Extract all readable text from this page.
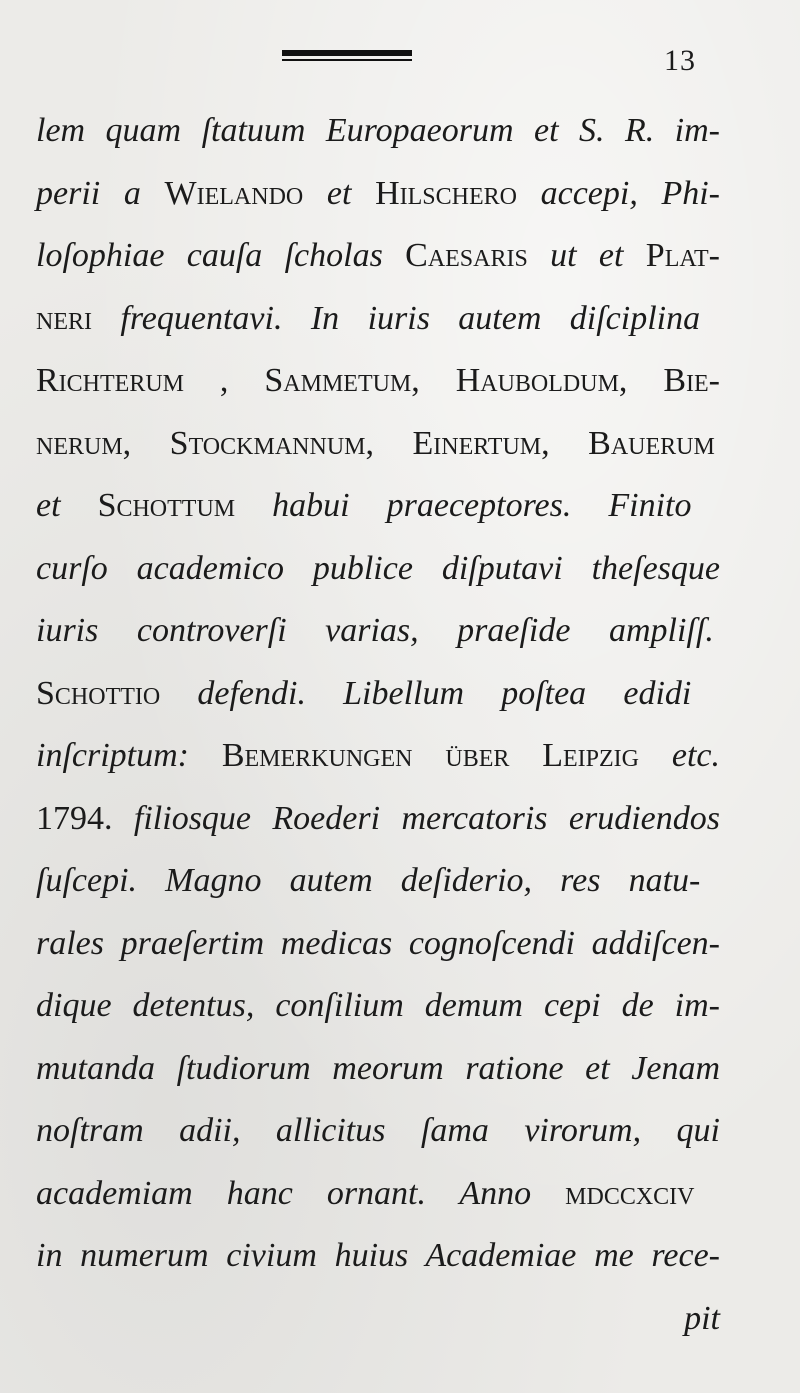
13
lem quam ſtatuum Europaeorum et S. R. im-
perii a Wielando et Hilschero accepi, Phi-
loſophiae cauſa ſcholas Caesaris ut et Plat-
neri frequentavi. In iuris autem diſciplina
Richterum , Sammetum, Hauboldum, Bie-
nerum, Stockmannum, Einertum, Bauerum
et Schottum habui praeceptores. Finito
curſo academico publice diſputavi theſesque
iuris controverſi varias, praeſide ampliſſ.
Schottio defendi. Libellum poſtea edidi
inſcriptum: Bemerkungen über Leipzig etc.
1794. filiosque Roederi mercatoris erudiendos
ſuſcepi. Magno autem deſiderio, res natu-
rales praeſertim medicas cognoſcendi addiſcen-
dique detentus, conſilium demum cepi de im-
mutanda ſtudiorum meorum ratione et Jenam
noſtram adii, allicitus ſama virorum, qui
academiam hanc ornant. Anno mdccxciv
in numerum civium huius Academiae me rece-
pit
